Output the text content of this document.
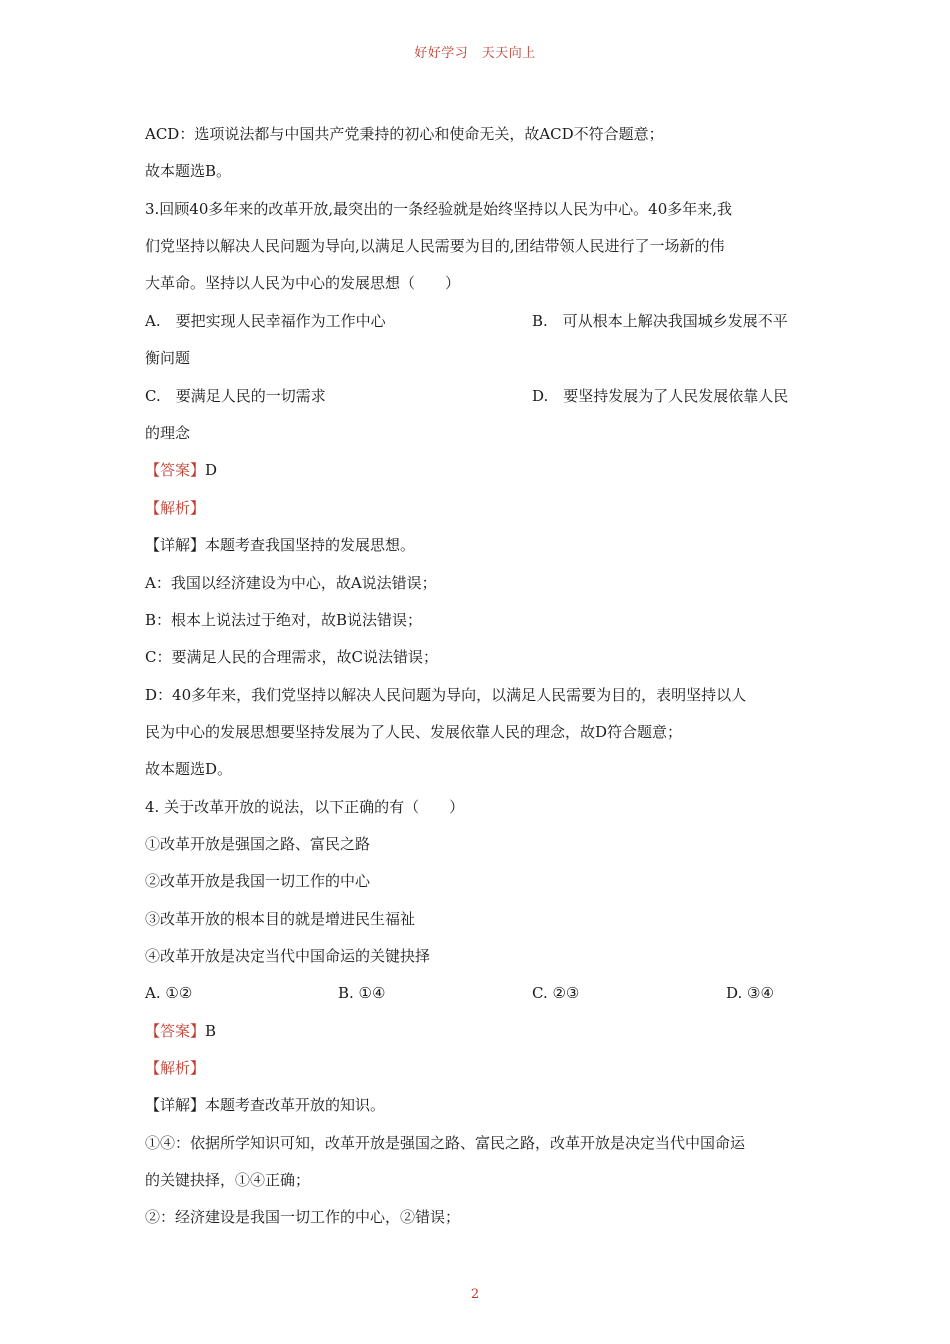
好好学习　天天向上
ACD：选项说法都与中国共产党秉持的初心和使命无关，故ACD不符合题意；
故本题选B。
3.回顾40多年来的改革开放,最突出的一条经验就是始终坚持以人民为中心。40多年来,我
们党坚持以解决人民问题为导向,以满足人民需要为目的,团结带领人民进行了一场新的伟
大革命。坚持以人民为中心的发展思想（　　）
A.　要把实现人民幸福作为工作中心	B.　可从根本上解决我国城乡发展不平
衡问题
C.　要满足人民的一切需求	D.　要坚持发展为了人民发展依靠人民
的理念
【答案】D
【解析】
【详解】本题考查我国坚持的发展思想。
A：我国以经济建设为中心，故A说法错误；
B：根本上说法过于绝对，故B说法错误；
C：要满足人民的合理需求，故C说法错误；
D：40多年来，我们党坚持以解决人民问题为导向，以满足人民需要为目的，表明坚持以人
民为中心的发展思想要坚持发展为了人民、发展依靠人民的理念，故D符合题意；
故本题选D。
4. 关于改革开放的说法，以下正确的有（　　）
①改革开放是强国之路、富民之路
②改革开放是我国一切工作的中心
③改革开放的根本目的就是增进民生福祉
④改革开放是决定当代中国命运的关键抉择
A. ①②	B. ①④	C. ②③	D. ③④
【答案】B
【解析】
【详解】本题考查改革开放的知识。
①④：依据所学知识可知，改革开放是强国之路、富民之路，改革开放是决定当代中国命运
的关键抉择，①④正确；
②：经济建设是我国一切工作的中心，②错误；
2
